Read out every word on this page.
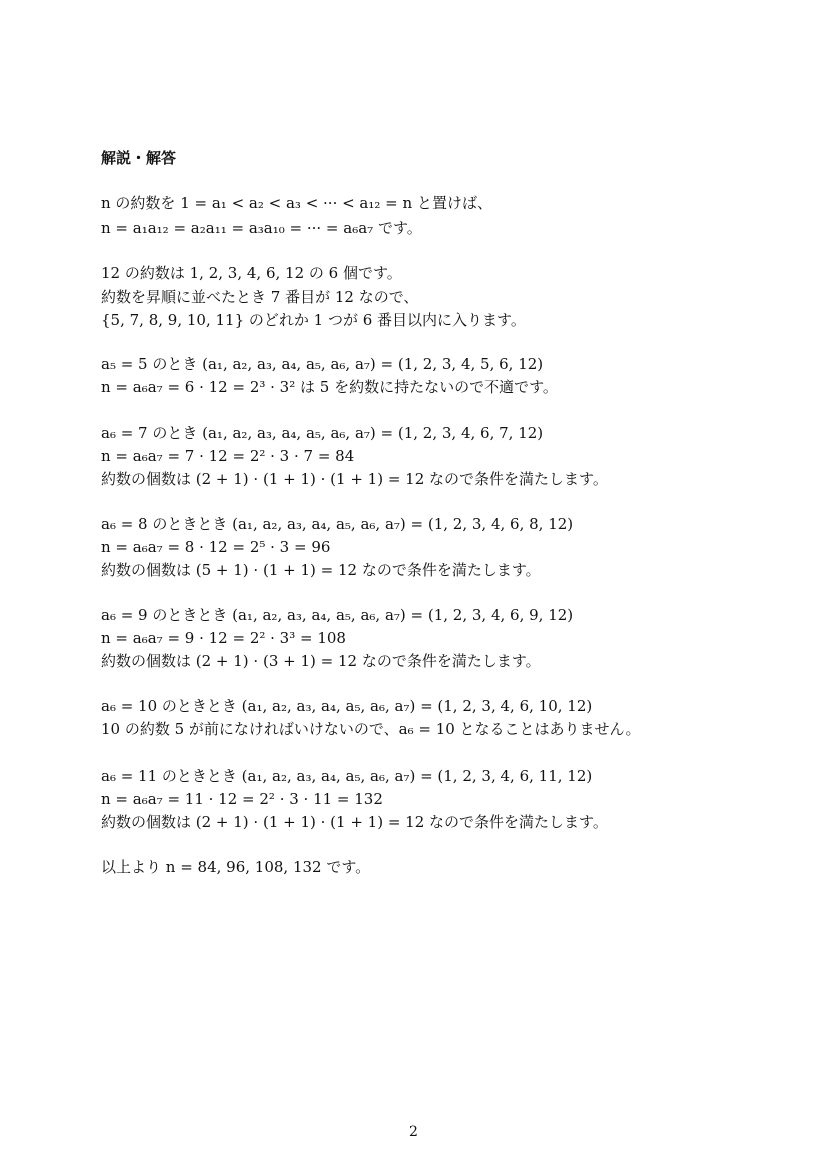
解説・解答
n の約数を 1 = a₁ < a₂ < a₃ < ··· < a₁₂ = n と置けば、
n = a₁a₁₂ = a₂a₁₁ = a₃a₁₀ = ··· = a₆a₇ です。
12 の約数は 1, 2, 3, 4, 6, 12 の 6 個です。
約数を昇順に並べたとき 7 番目が 12 なので、
{5, 7, 8, 9, 10, 11} のどれか 1 つが 6 番目以内に入ります。
a₅ = 5 のとき (a₁, a₂, a₃, a₄, a₅, a₆, a₇) = (1, 2, 3, 4, 5, 6, 12)
n = a₆a₇ = 6 · 12 = 2³ · 3² は 5 を約数に持たないので不適です。
a₆ = 7 のとき (a₁, a₂, a₃, a₄, a₅, a₆, a₇) = (1, 2, 3, 4, 6, 7, 12)
n = a₆a₇ = 7 · 12 = 2² · 3 · 7 = 84
約数の個数は (2 + 1) · (1 + 1) · (1 + 1) = 12 なので条件を満たします。
a₆ = 8 のときとき (a₁, a₂, a₃, a₄, a₅, a₆, a₇) = (1, 2, 3, 4, 6, 8, 12)
n = a₆a₇ = 8 · 12 = 2⁵ · 3 = 96
約数の個数は (5 + 1) · (1 + 1) = 12 なので条件を満たします。
a₆ = 9 のときとき (a₁, a₂, a₃, a₄, a₅, a₆, a₇) = (1, 2, 3, 4, 6, 9, 12)
n = a₆a₇ = 9 · 12 = 2² · 3³ = 108
約数の個数は (2 + 1) · (3 + 1) = 12 なので条件を満たします。
a₆ = 10 のときとき (a₁, a₂, a₃, a₄, a₅, a₆, a₇) = (1, 2, 3, 4, 6, 10, 12)
10 の約数 5 が前になければいけないので、a₆ = 10 となることはありません。
a₆ = 11 のときとき (a₁, a₂, a₃, a₄, a₅, a₆, a₇) = (1, 2, 3, 4, 6, 11, 12)
n = a₆a₇ = 11 · 12 = 2² · 3 · 11 = 132
約数の個数は (2 + 1) · (1 + 1) · (1 + 1) = 12 なので条件を満たします。
以上より n = 84, 96, 108, 132 です。
2
